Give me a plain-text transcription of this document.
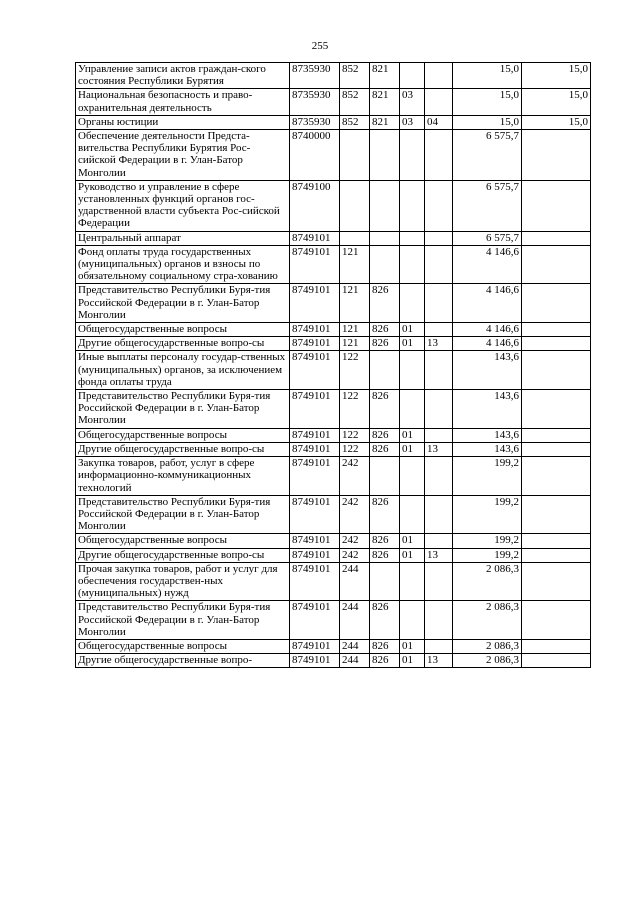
255
Управление записи актов граждан-ского состояния Республики Бурятия	8735930	852	821			15,0	15,0
Национальная безопасность и право-охранительная деятельность	8735930	852	821	03		15,0	15,0
Органы юстиции	8735930	852	821	03	04	15,0	15,0
Обеспечение деятельности Предста-вительства Республики Бурятия Рос-сийской Федерации в г. Улан-Батор Монголии	8740000					6 575,7	
Руководство и управление в сфере установленных функций органов гос-ударственной власти субъекта Рос-сийской Федерации	8749100					6 575,7	
Центральный аппарат	8749101					6 575,7	
Фонд оплаты труда государственных (муниципальных) органов и взносы по обязательному социальному стра-хованию	8749101	121				4 146,6	
Представительство Республики Буря-тия Российской Федерации в г. Улан-Батор Монголии	8749101	121	826			4 146,6	
Общегосударственные вопросы	8749101	121	826	01		4 146,6	
Другие общегосударственные вопро-сы	8749101	121	826	01	13	4 146,6	
Иные выплаты персоналу государ-ственных (муниципальных) органов, за исключением фонда оплаты труда	8749101	122				143,6	
Представительство Республики Буря-тия Российской Федерации в г. Улан-Батор Монголии	8749101	122	826			143,6	
Общегосударственные вопросы	8749101	122	826	01		143,6	
Другие общегосударственные вопро-сы	8749101	122	826	01	13	143,6	
Закупка товаров, работ, услуг в сфере информационно-коммуникационных технологий	8749101	242				199,2	
Представительство Республики Буря-тия Российской Федерации в г. Улан-Батор Монголии	8749101	242	826			199,2	
Общегосударственные вопросы	8749101	242	826	01		199,2	
Другие общегосударственные вопро-сы	8749101	242	826	01	13	199,2	
Прочая закупка товаров, работ и услуг для обеспечения государствен-ных (муниципальных) нужд	8749101	244				2 086,3	
Представительство Республики Буря-тия Российской Федерации в г. Улан-Батор Монголии	8749101	244	826			2 086,3	
Общегосударственные вопросы	8749101	244	826	01		2 086,3	
Другие общегосударственные вопро-	8749101	244	826	01	13	2 086,3	
